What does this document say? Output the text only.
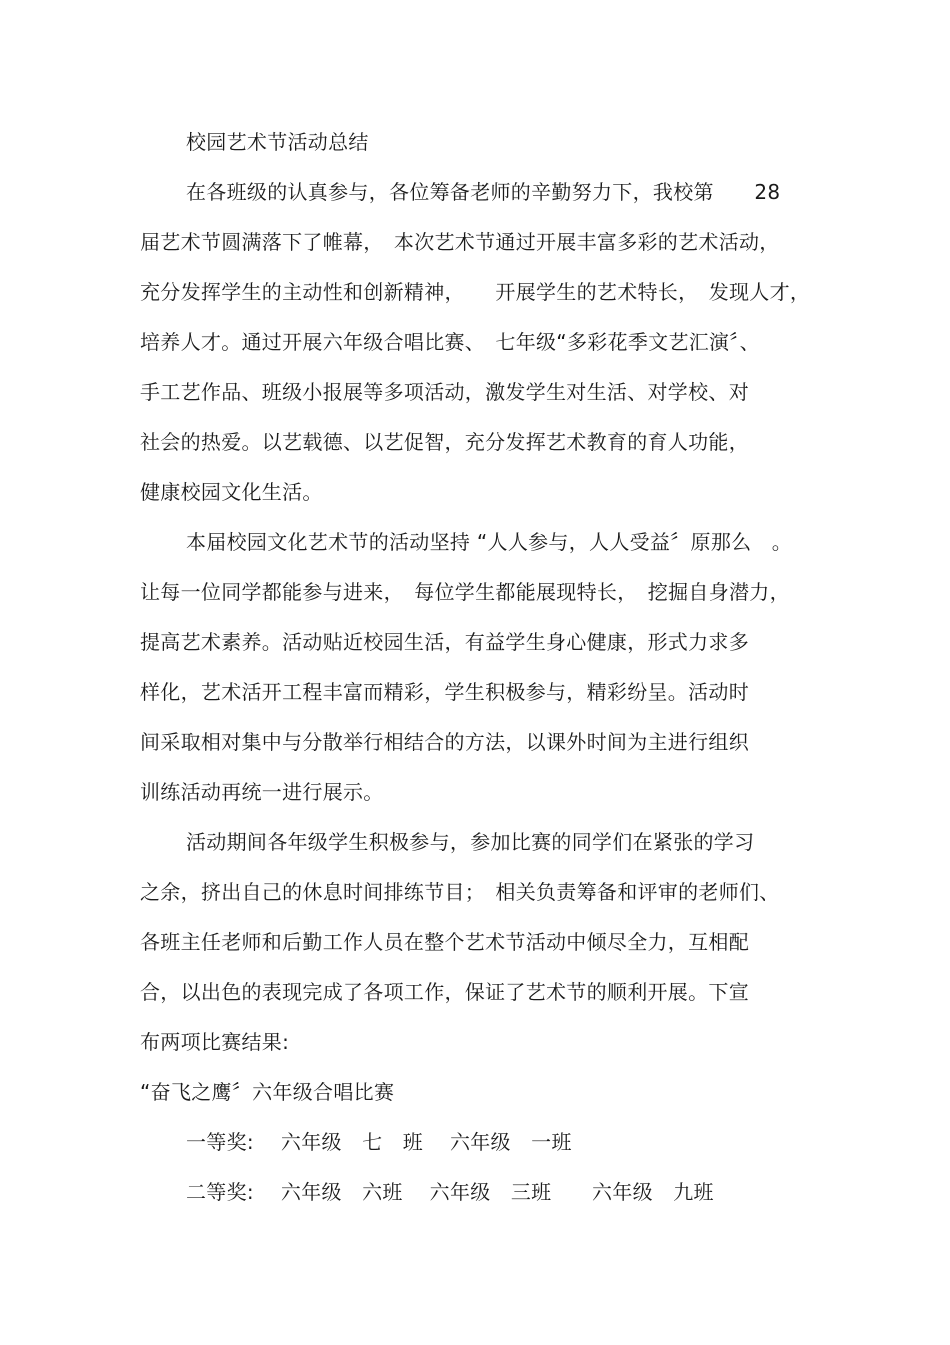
校园艺术节活动总结
在各班级的认真参与，各位筹备老师的辛勤努力下，我校第　　28
届艺术节圆满落下了帷幕，　本次艺术节通过开展丰富多彩的艺术活动，
充分发挥学生的主动性和创新精神，　　开展学生的艺术特长，　发现人才，
培养人才。通过开展六年级合唱比赛、　七年级“多彩花季文艺汇演〞、
手工艺作品、班级小报展等多项活动，激发学生对生活、对学校、对
社会的热爱。以艺载德、以艺促智，充分发挥艺术教育的育人功能，
健康校园文化生活。
本届校园文化艺术节的活动坚持 “人人参与，人人受益〞原那么　。
让每一位同学都能参与进来，　每位学生都能展现特长，　挖掘自身潜力，
提高艺术素养。活动贴近校园生活，有益学生身心健康，形式力求多
样化，艺术活开工程丰富而精彩，学生积极参与，精彩纷呈。活动时
间采取相对集中与分散举行相结合的方法，以课外时间为主进行组织
训练活动再统一进行展示。
活动期间各年级学生积极参与，参加比赛的同学们在紧张的学习
之余，挤出自己的休息时间排练节目；　相关负责筹备和评审的老师们、
各班主任老师和后勤工作人员在整个艺术节活动中倾尽全力，互相配
合，以出色的表现完成了各项工作，保证了艺术节的顺利开展。下宣
布两项比赛结果:
“奋飞之鹰〞六年级合唱比赛
一等奖:　 六年级　七　班　 六年级　一班
二等奖:　 六年级　六班　 六年级　三班　　六年级　九班
